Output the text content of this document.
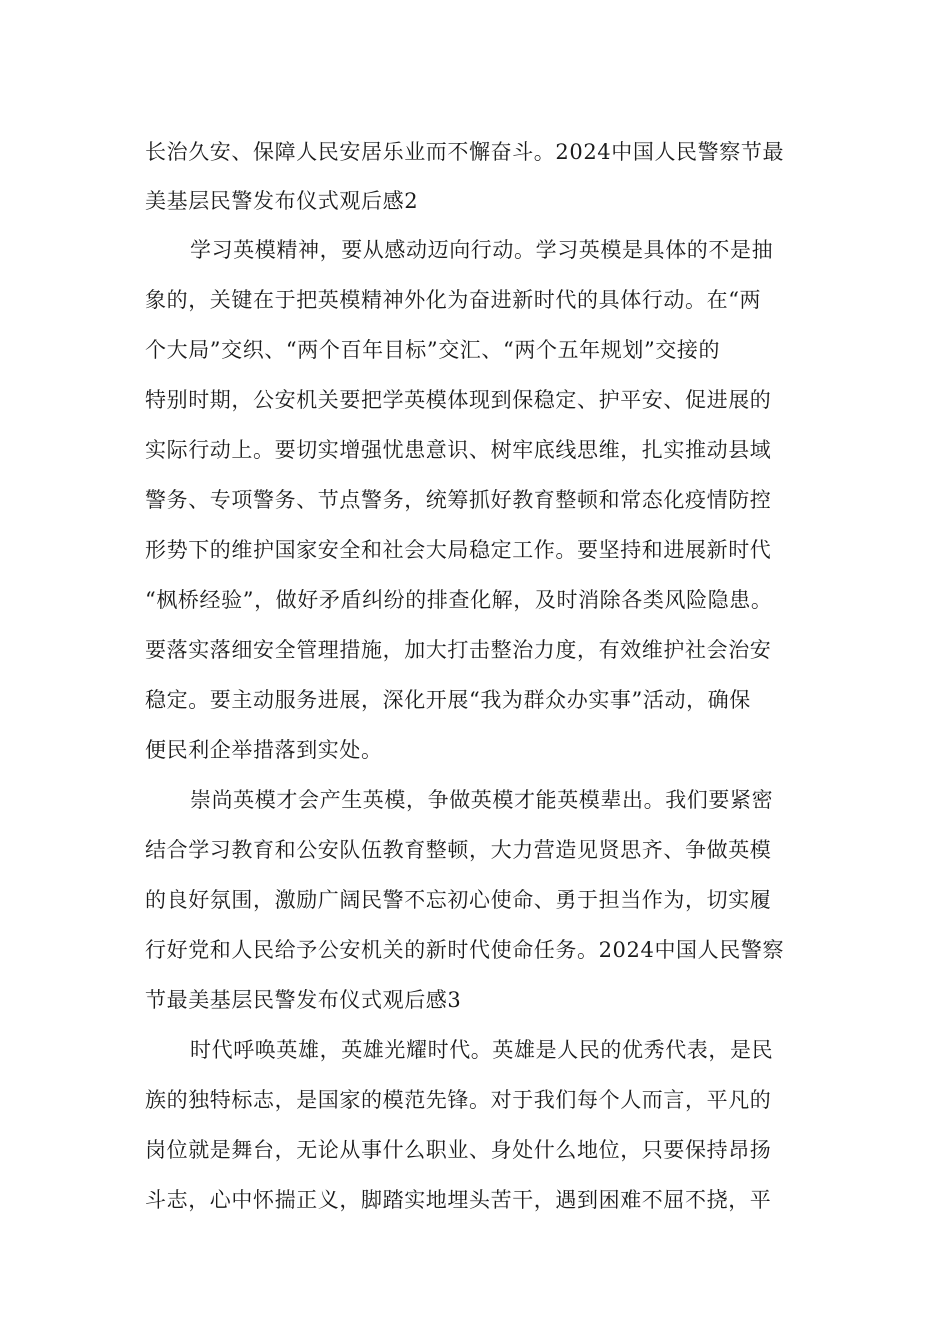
长治久安、保障人民安居乐业而不懈奋斗。2024中国人民警察节最
美基层民警发布仪式观后感2
学习英模精神，要从感动迈向行动。学习英模是具体的不是抽
象的，关键在于把英模精神外化为奋进新时代的具体行动。在“两
个大局”交织、“两个百年目标”交汇、“两个五年规划”交接的
特别时期，公安机关要把学英模体现到保稳定、护平安、促进展的
实际行动上。要切实增强忧患意识、树牢底线思维，扎实推动县域
警务、专项警务、节点警务，统筹抓好教育整顿和常态化疫情防控
形势下的维护国家安全和社会大局稳定工作。要坚持和进展新时代
“枫桥经验”，做好矛盾纠纷的排查化解，及时消除各类风险隐患。
要落实落细安全管理措施，加大打击整治力度，有效维护社会治安
稳定。要主动服务进展，深化开展“我为群众办实事”活动，确保
便民利企举措落到实处。
崇尚英模才会产生英模，争做英模才能英模辈出。我们要紧密
结合学习教育和公安队伍教育整顿，大力营造见贤思齐、争做英模
的良好氛围，激励广阔民警不忘初心使命、勇于担当作为，切实履
行好党和人民给予公安机关的新时代使命任务。2024中国人民警察
节最美基层民警发布仪式观后感3
时代呼唤英雄，英雄光耀时代。英雄是人民的优秀代表，是民
族的独特标志，是国家的模范先锋。对于我们每个人而言，平凡的
岗位就是舞台，无论从事什么职业、身处什么地位，只要保持昂扬
斗志，心中怀揣正义，脚踏实地埋头苦干，遇到困难不屈不挠，平
